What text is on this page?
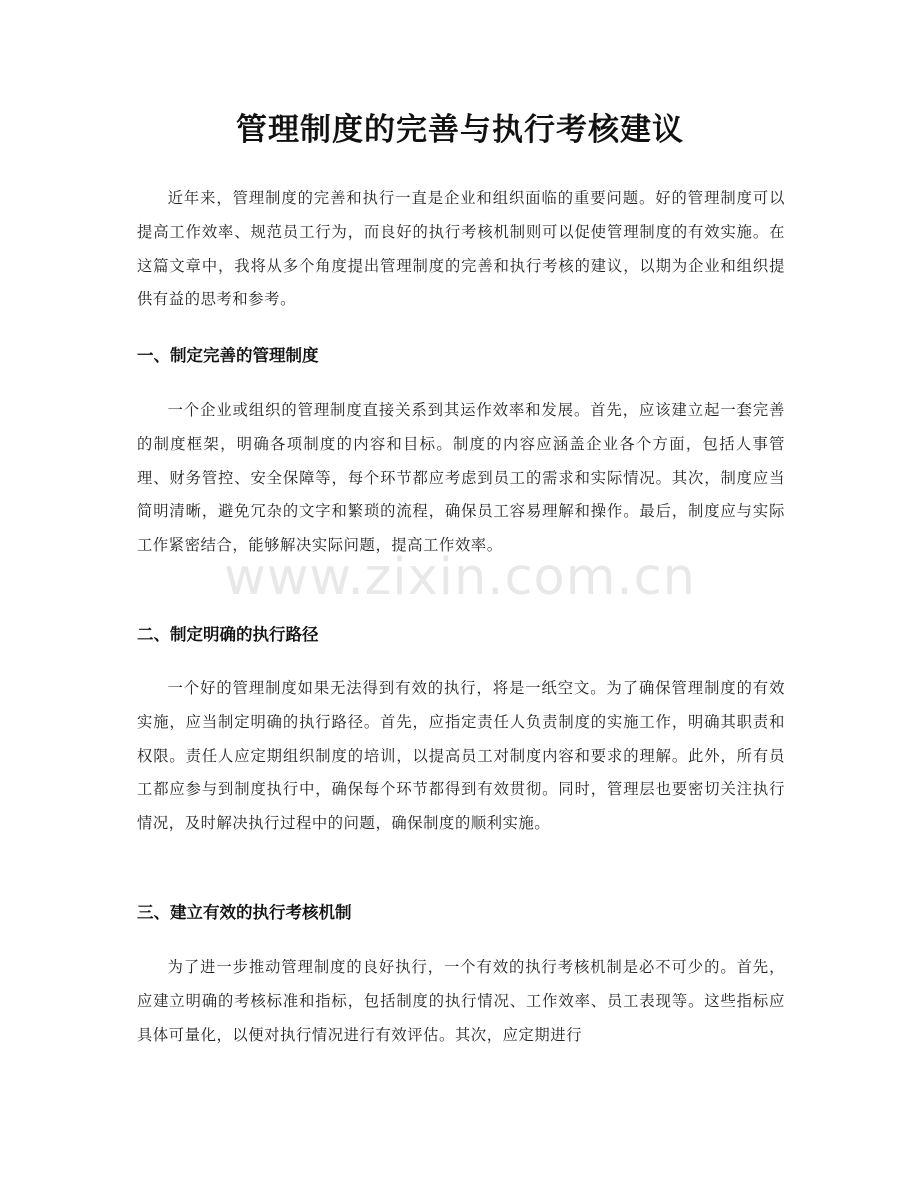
管理制度的完善与执行考核建议

近年来，管理制度的完善和执行一直是企业和组织面临的重要问题。好的管理制度可以提高工作效率、规范员工行为，而良好的执行考核机制则可以促使管理制度的有效实施。在这篇文章中，我将从多个角度提出管理制度的完善和执行考核的建议，以期为企业和组织提供有益的思考和参考。

一、制定完善的管理制度

一个企业或组织的管理制度直接关系到其运作效率和发展。首先，应该建立起一套完善的制度框架，明确各项制度的内容和目标。制度的内容应涵盖企业各个方面，包括人事管理、财务管控、安全保障等，每个环节都应考虑到员工的需求和实际情况。其次，制度应当简明清晰，避免冗杂的文字和繁琐的流程，确保员工容易理解和操作。最后，制度应与实际工作紧密结合，能够解决实际问题，提高工作效率。

二、制定明确的执行路径

一个好的管理制度如果无法得到有效的执行，将是一纸空文。为了确保管理制度的有效实施，应当制定明确的执行路径。首先，应指定责任人负责制度的实施工作，明确其职责和权限。责任人应定期组织制度的培训，以提高员工对制度内容和要求的理解。此外，所有员工都应参与到制度执行中，确保每个环节都得到有效贯彻。同时，管理层也要密切关注执行情况，及时解决执行过程中的问题，确保制度的顺利实施。

三、建立有效的执行考核机制

为了进一步推动管理制度的良好执行，一个有效的执行考核机制是必不可少的。首先，应建立明确的考核标准和指标，包括制度的执行情况、工作效率、员工表现等。这些指标应具体可量化，以便对执行情况进行有效评估。其次，应定期进行

www.zixin.com.cn
